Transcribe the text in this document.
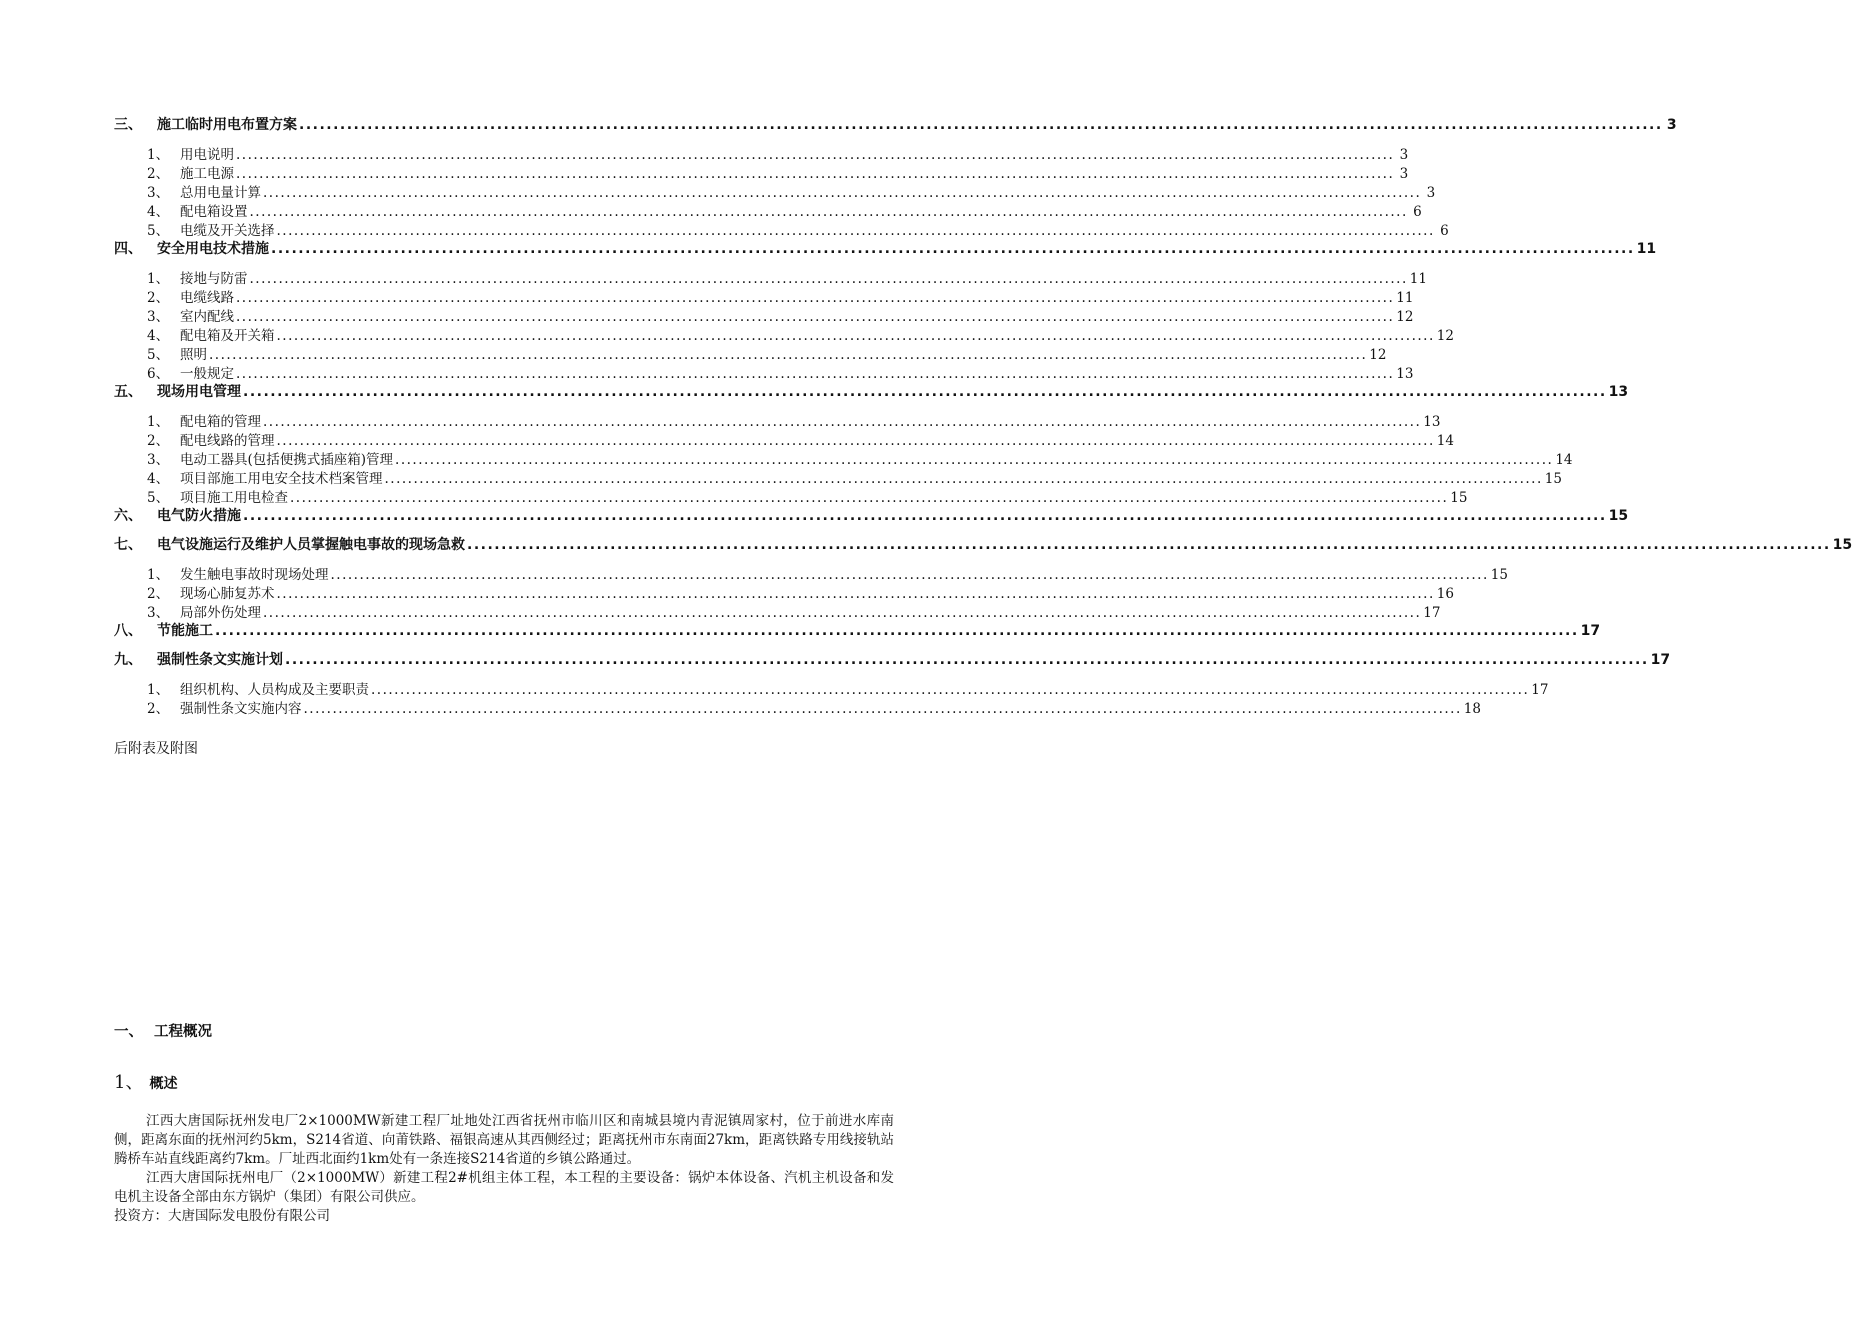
三、	施工临时用电布置方案 ........................................................................................................................................................................................................ 3
1、 用电说明 ........................................................................................................................................................................................................ 3
2、 施工电源 ........................................................................................................................................................................................................ 3
3、 总用电量计算 ........................................................................................................................................................................................................ 3
4、 配电箱设置 ........................................................................................................................................................................................................ 6
5、 电缆及开关选择 ........................................................................................................................................................................................................ 6
四、	安全用电技术措施 ........................................................................................................................................................................................................ 11
1、 接地与防雷 ........................................................................................................................................................................................................ 11
2、 电缆线路 ........................................................................................................................................................................................................ 11
3、 室内配线 ........................................................................................................................................................................................................ 12
4、 配电箱及开关箱 ........................................................................................................................................................................................................ 12
5、 照明 ........................................................................................................................................................................................................ 12
6、 一般规定 ........................................................................................................................................................................................................ 13
五、	现场用电管理 ........................................................................................................................................................................................................ 13
1、 配电箱的管理 ........................................................................................................................................................................................................ 13
2、 配电线路的管理 ........................................................................................................................................................................................................ 14
3、 电动工器具(包括便携式插座箱)管理 ........................................................................................................................................................................................................ 14
4、 项目部施工用电安全技术档案管理 ........................................................................................................................................................................................................ 15
5、 项目施工用电检查 ........................................................................................................................................................................................................ 15
六、	电气防火措施 ........................................................................................................................................................................................................ 15
七、	电气设施运行及维护人员掌握触电事故的现场急救 ........................................................................................................................................................................................................ 15
1、 发生触电事故时现场处理 ........................................................................................................................................................................................................ 15
2、 现场心肺复苏术 ........................................................................................................................................................................................................ 16
3、 局部外伤处理 ........................................................................................................................................................................................................ 17
八、	节能施工 ........................................................................................................................................................................................................ 17
九、	强制性条文实施计划 ........................................................................................................................................................................................................ 17
1、 组织机构、人员构成及主要职责 ........................................................................................................................................................................................................ 17
2、 强制性条文实施内容 ........................................................................................................................................................................................................ 18
后附表及附图
一、 工程概况
1、 概述

江西大唐国际抚州发电厂2×1000MW新建工程厂址地处江西省抚州市临川区和南城县境内青泥镇周家村，位于前进水库南侧，距离东面的抚州河约5km，S214省道、向莆铁路、福银高速从其西侧经过；距离抚州市东南面27km，距离铁路专用线接轨站腾桥车站直线距离约7km。厂址西北面约1km处有一条连接S214省道的乡镇公路通过。

江西大唐国际抚州电厂（2×1000MW）新建工程2#机组主体工程，本工程的主要设备：锅炉本体设备、汽机主机设备和发电机主设备全部由东方锅炉（集团）有限公司供应。

投资方：大唐国际发电股份有限公司
